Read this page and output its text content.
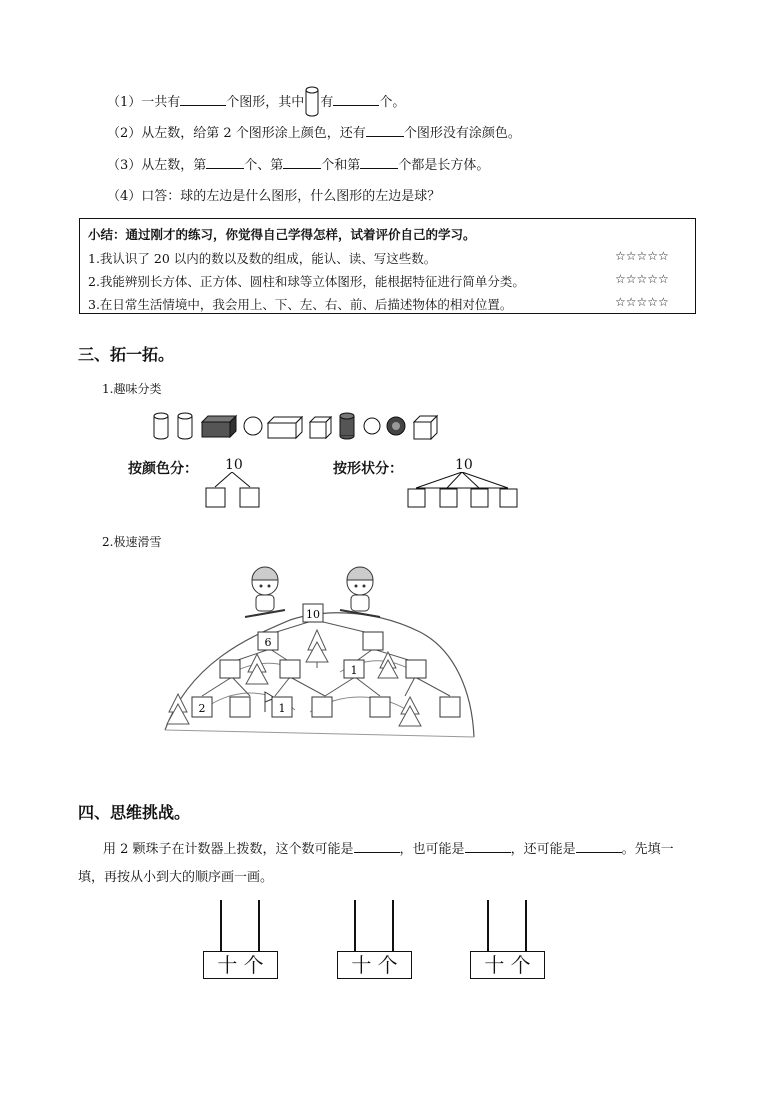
（1）一共有	个图形，其中 有	个。
（2）从左数，给第 2 个图形涂上颜色，还有	个图形没有涂颜色。
（3）从左数，第	个、第	个和第	个都是长方体。
（4）口答：球的左边是什么图形，什么图形的左边是球？
小结：通过刚才的练习，你觉得自己学得怎样，试着评价自己的学习。
1.我认识了 20 以内的数以及数的组成，能认、读、写这些数。	☆☆☆☆☆
2.我能辨别长方体、正方体、圆柱和球等立体图形，能根据特征进行简单分类。	☆☆☆☆☆
3.在日常生活情境中，我会用上、下、左、右、前、后描述物体的相对位置。	☆☆☆☆☆
三、拓一拓。
1.趣味分类
按颜色分： 10	按形状分：	10
2.极速滑雪
10
6
1
2	1
四、思维挑战。
用 2 颗珠子在计数器上拨数，这个数可能是	，也可能是	，还可能是	。先填一
填，再按从小到大的顺序画一画。
十 个	十 个	十 个
